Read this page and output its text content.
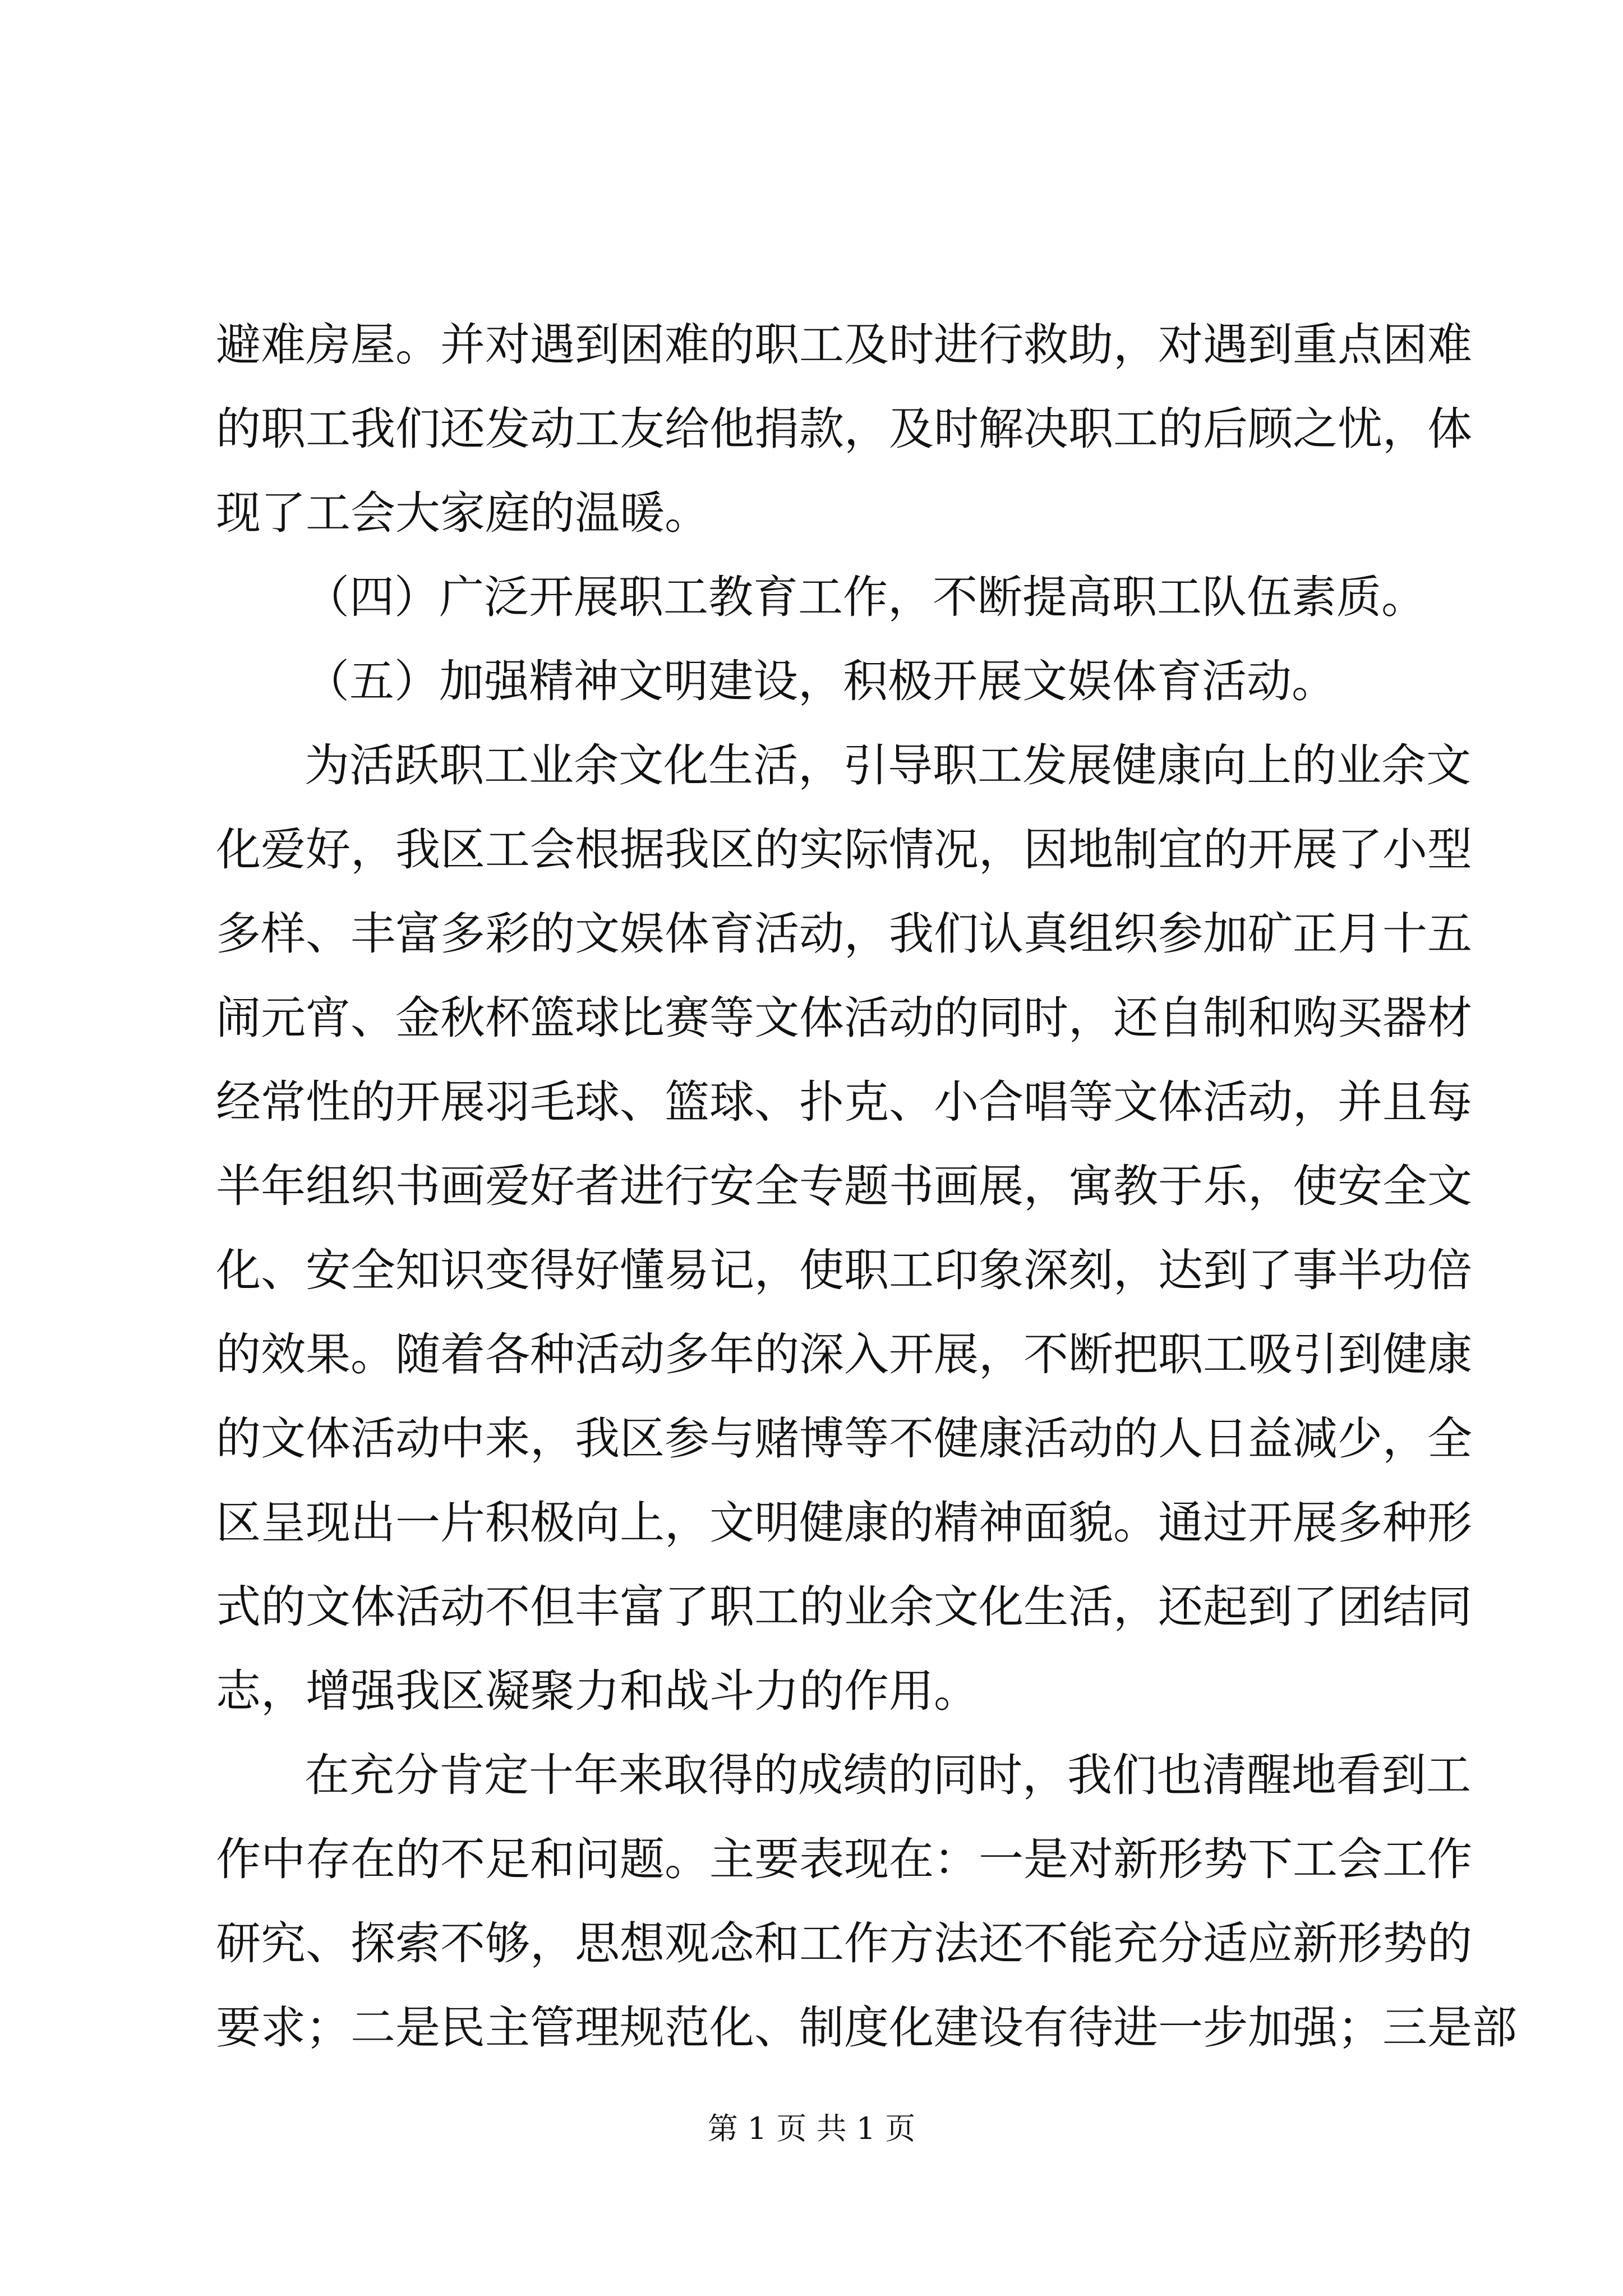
避难房屋。并对遇到困难的职工及时进行救助，对遇到重点困难
的职工我们还发动工友给他捐款，及时解决职工的后顾之忧，体
现了工会大家庭的温暖。
（四）广泛开展职工教育工作，不断提高职工队伍素质。
（五）加强精神文明建设，积极开展文娱体育活动。
为活跃职工业余文化生活，引导职工发展健康向上的业余文
化爱好，我区工会根据我区的实际情况，因地制宜的开展了小型
多样、丰富多彩的文娱体育活动，我们认真组织参加矿正月十五
闹元宵、金秋杯篮球比赛等文体活动的同时，还自制和购买器材
经常性的开展羽毛球、篮球、扑克、小合唱等文体活动，并且每
半年组织书画爱好者进行安全专题书画展，寓教于乐，使安全文
化、安全知识变得好懂易记，使职工印象深刻，达到了事半功倍
的效果。随着各种活动多年的深入开展，不断把职工吸引到健康
的文体活动中来，我区参与赌博等不健康活动的人日益减少，全
区呈现出一片积极向上，文明健康的精神面貌。通过开展多种形
式的文体活动不但丰富了职工的业余文化生活，还起到了团结同
志，增强我区凝聚力和战斗力的作用。
在充分肯定十年来取得的成绩的同时，我们也清醒地看到工
作中存在的不足和问题。主要表现在：一是对新形势下工会工作
研究、探索不够，思想观念和工作方法还不能充分适应新形势的
要求；二是民主管理规范化、制度化建设有待进一步加强；三是部
第 1 页 共 1 页
